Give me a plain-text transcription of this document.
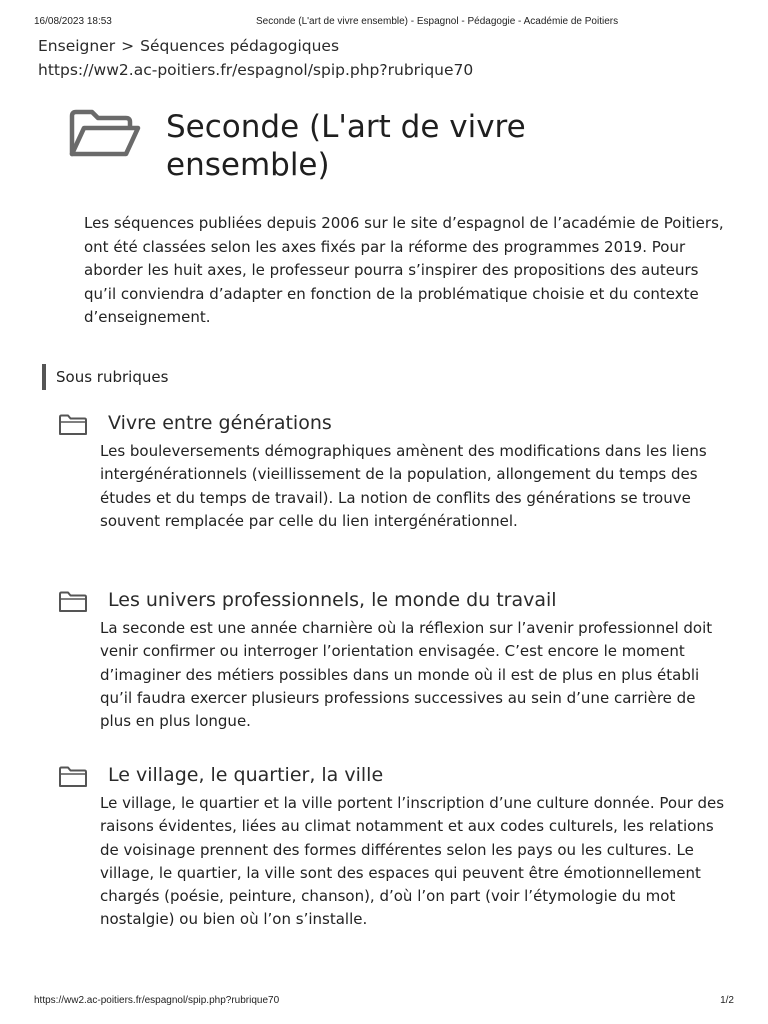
16/08/2023 18:53	Seconde (L'art de vivre ensemble) - Espagnol - Pédagogie - Académie de Poitiers
Enseigner > Séquences pédagogiques
https://ww2.ac-poitiers.fr/espagnol/spip.php?rubrique70
Seconde (L'art de vivre ensemble)

Les séquences publiées depuis 2006 sur le site d’espagnol de l’académie de Poitiers, ont été classées selon les axes fixés par la réforme des programmes 2019. Pour aborder les huit axes, le professeur pourra s’inspirer des propositions des auteurs qu’il conviendra d’adapter en fonction de la problématique choisie et du contexte d’enseignement.

Sous rubriques
Vivre entre générations

Les bouleversements démographiques amènent des modifications dans les liens intergénérationnels (vieillissement de la population, allongement du temps des études et du temps de travail). La notion de conflits des générations se trouve souvent remplacée par celle du lien intergénérationnel.

Les univers professionnels, le monde du travail

La seconde est une année charnière où la réflexion sur l’avenir professionnel doit venir confirmer ou interroger l’orientation envisagée. C’est encore le moment d’imaginer des métiers possibles dans un monde où il est de plus en plus établi qu’il faudra exercer plusieurs professions successives au sein d’une carrière de plus en plus longue.

Le village, le quartier, la ville

Le village, le quartier et la ville portent l’inscription d’une culture donnée. Pour des raisons évidentes, liées au climat notamment et aux codes culturels, les relations de voisinage prennent des formes différentes selon les pays ou les cultures. Le village, le quartier, la ville sont des espaces qui peuvent être émotionnellement chargés (poésie, peinture, chanson), d’où l’on part (voir l’étymologie du mot nostalgie) ou bien où l’on s’installe.

https://ww2.ac-poitiers.fr/espagnol/spip.php?rubrique70	1/2
